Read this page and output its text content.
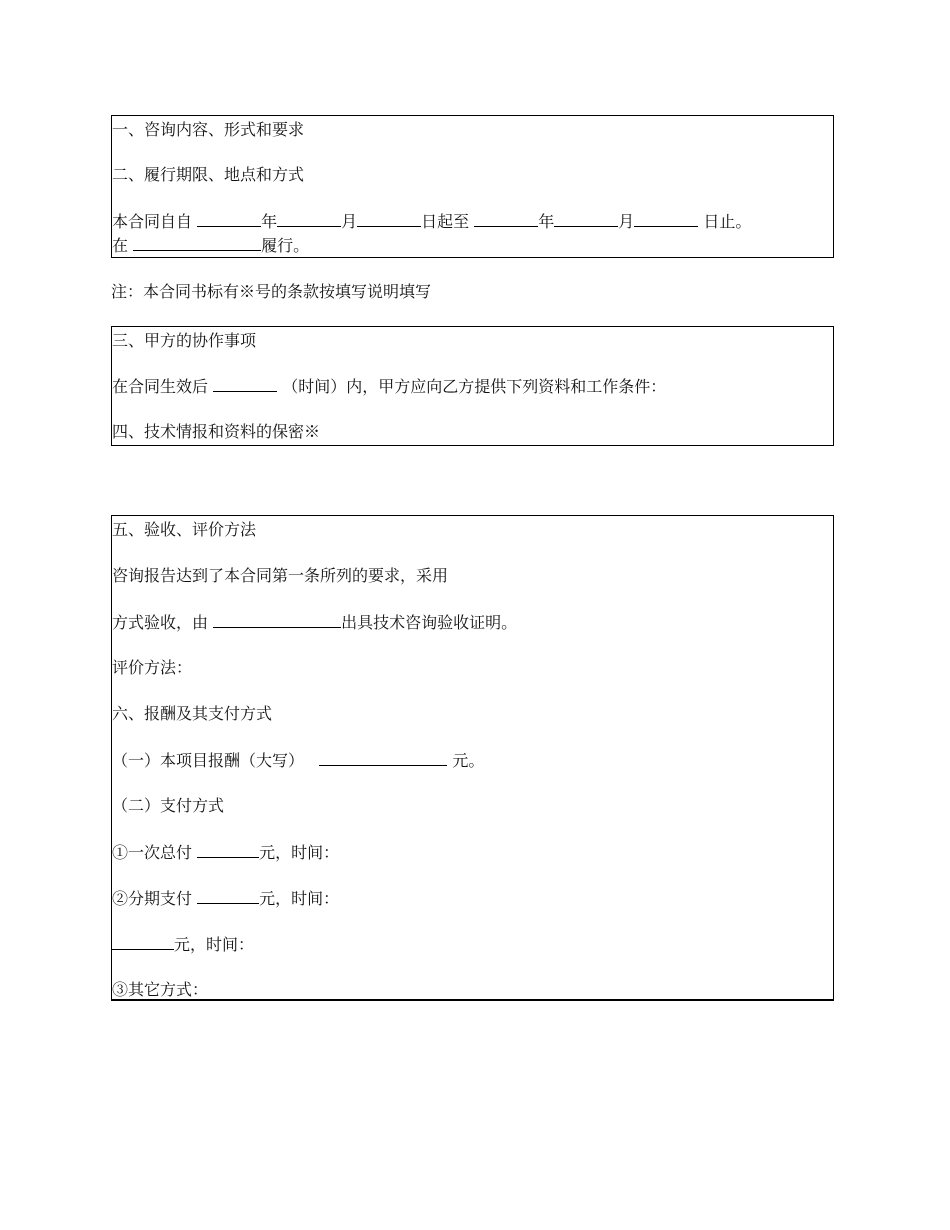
一、咨询内容、形式和要求
二、履行期限、地点和方式
本合同自自	年	月	日起至	年	月	日止。
在	履行。
注：本合同书标有※号的条款按填写说明填写
三、甲方的协作事项
在合同生效后	（时间）内，甲方应向乙方提供下列资料和工作条件：
四、技术情报和资料的保密※
五、验收、评价方法
咨询报告达到了本合同第一条所列的要求，采用
方式验收，由	出具技术咨询验收证明。
评价方法：
六、报酬及其支付方式
（一）本项目报酬（大写）	元。
（二）支付方式
①一次总付	元，时间：
②分期支付	元，时间：
元，时间：
③其它方式：
